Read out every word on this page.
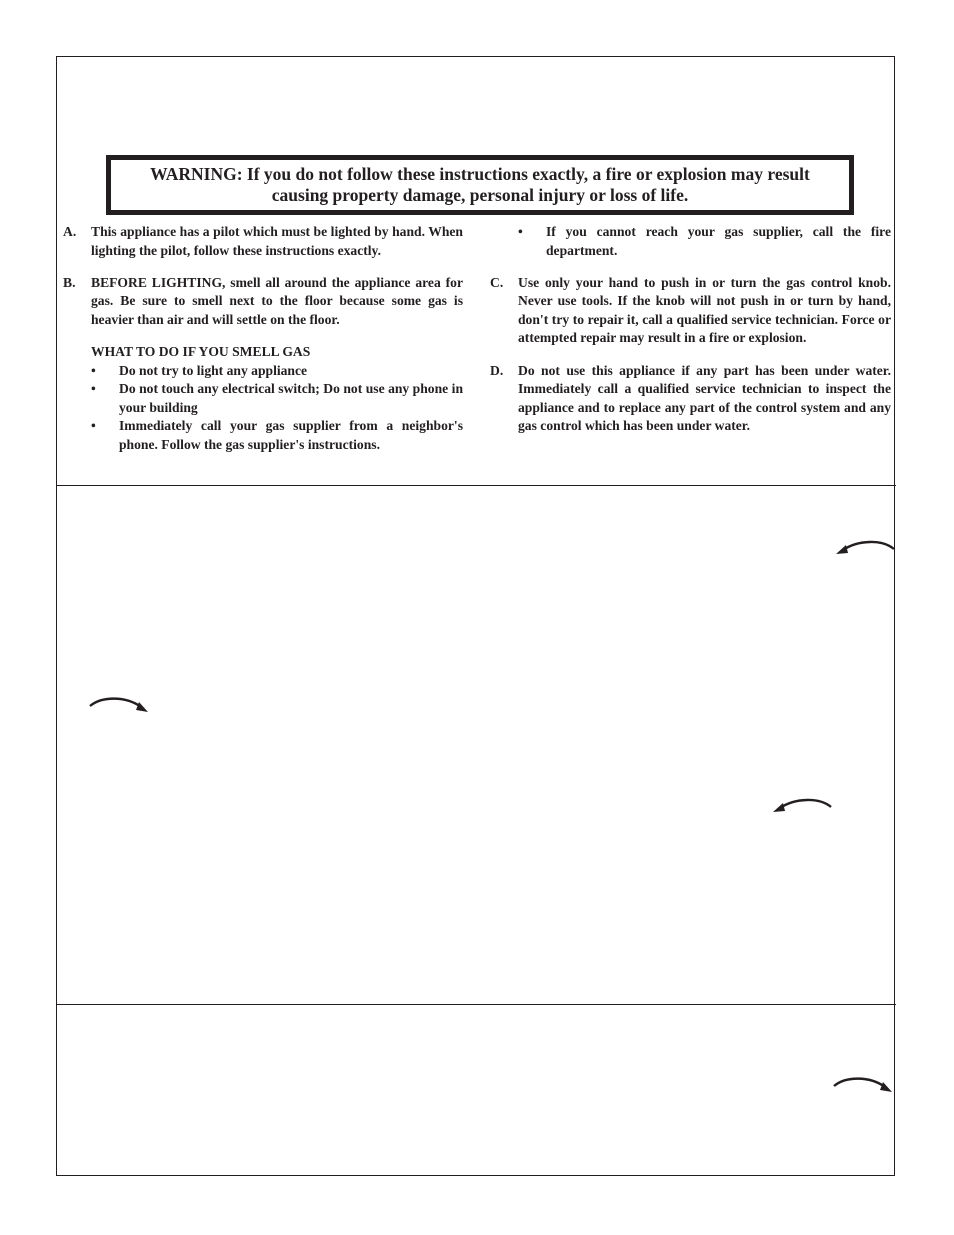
WARNING: If you do not follow these instructions exactly, a fire or explosion may result
causing property damage, personal injury or loss of life.
A. This appliance has a pilot which must be lighted by hand. When lighting the pilot, follow these instructions exactly.
B. BEFORE LIGHTING, smell all around the appliance area for gas. Be sure to smell next to the floor because some gas is heavier than air and will settle on the floor.

WHAT TO DO IF YOU SMELL GAS

• Do not try to light any appliance
• Do not touch any electrical switch; Do not use any phone in your building
• Immediately call your gas supplier from a neighbor's phone. Follow the gas supplier's instructions.
• If you cannot reach your gas supplier, call the fire department.
C. Use only your hand to push in or turn the gas control knob. Never use tools. If the knob will not push in or turn by hand, don't try to repair it, call a qualified service technician. Force or attempted repair may result in a fire or explosion.
D. Do not use this appliance if any part has been under water. Immediately call a qualified service technician to inspect the appliance and to replace any part of the control system and any gas control which has been under water.
